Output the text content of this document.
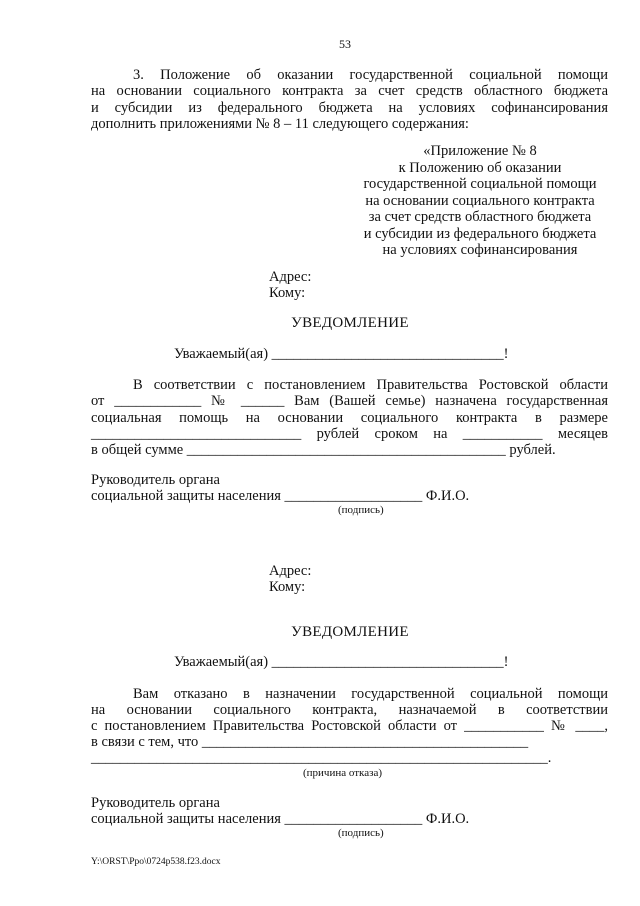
53
3. Положение об оказании государственной социальной помощи
на основании социального контракта за счет средств областного бюджета
и субсидии из федерального бюджета на условиях софинансирования
дополнить приложениями № 8 – 11 следующего содержания:
«Приложение № 8
к Положению об оказании
государственной социальной помощи
на основании социального контракта
за счет средств областного бюджета
и субсидии из федерального бюджета
на условиях софинансирования
Адрес:
Кому:
УВЕДОМЛЕНИЕ
Уважаемый(ая) ________________________________!
В соответствии с постановлением Правительства Ростовской области
от ____________ № ______ Вам (Вашей семье) назначена государственная
социальная помощь на основании социального контракта в размере
_____________________________ рублей сроком на ___________ месяцев
в общей сумме ____________________________________________ рублей.
Руководитель органа
социальной защиты населения ___________________ Ф.И.О.
(подпись)
Адрес:
Кому:
УВЕДОМЛЕНИЕ
Уважаемый(ая) ________________________________!
Вам отказано в назначении государственной социальной помощи
на основании социального контракта, назначаемой в соответствии
с постановлением Правительства Ростовской области от ___________ № ____,
в связи с тем, что _____________________________________________
_______________________________________________________________.
(причина отказа)
Руководитель органа
социальной защиты населения ___________________ Ф.И.О.
(подпись)
Y:\ORST\Ppo\0724p538.f23.docx
